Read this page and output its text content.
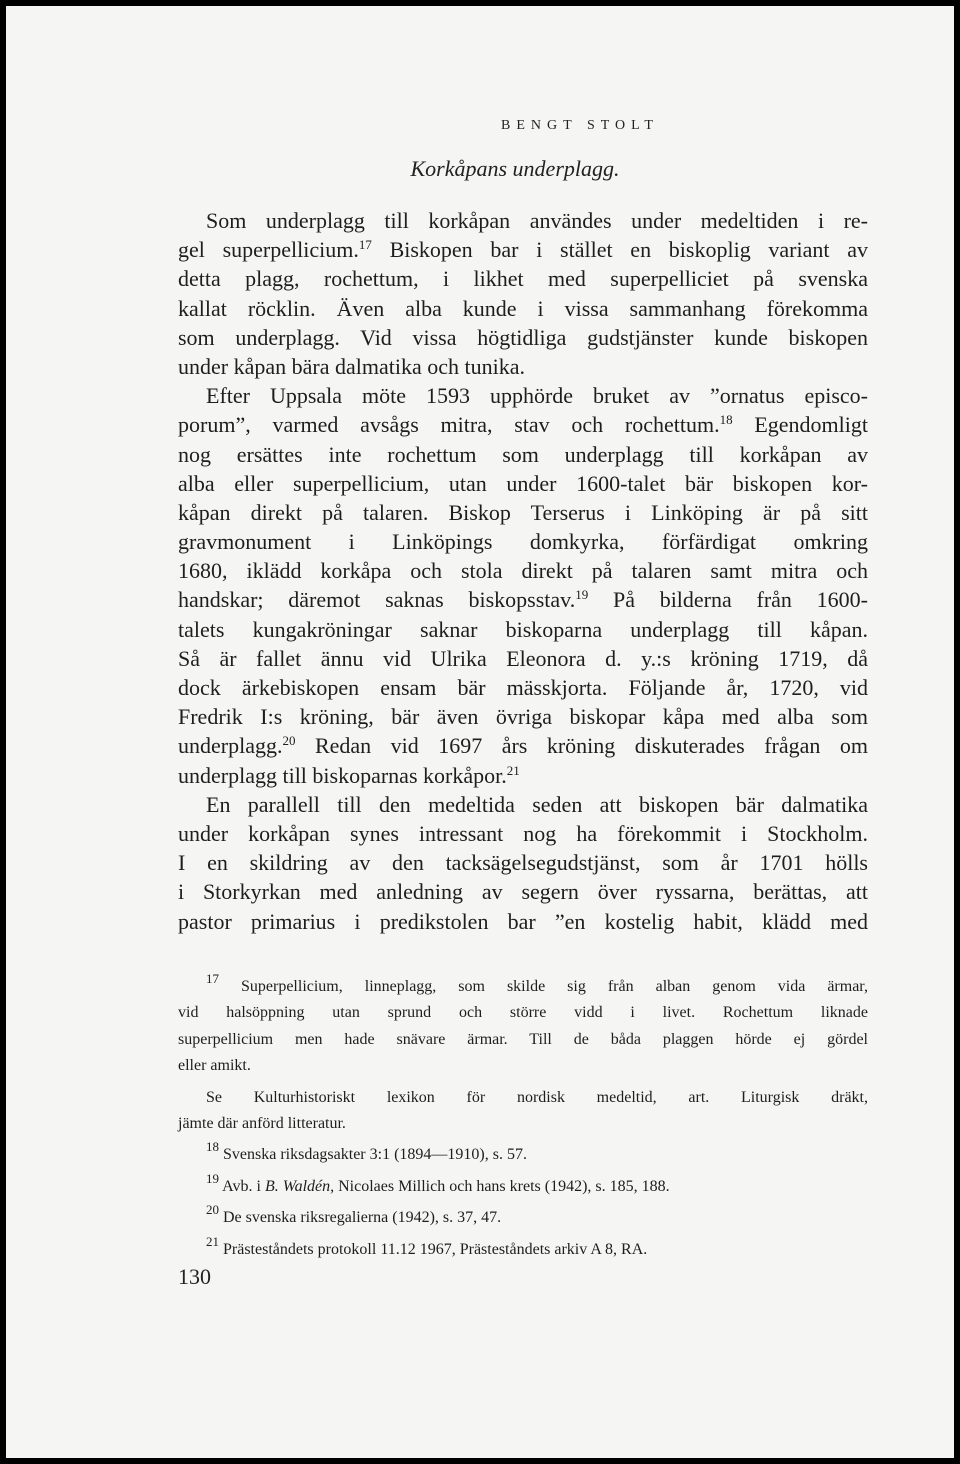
BENGT STOLT
Korkåpans underplagg.
Som underplagg till korkåpan användes under medeltiden i re-
gel superpellicium.$^{17}$ Biskopen bar i stället en biskoplig variant av
detta plagg, rochettum, i likhet med superpelliciet på svenska
kallat röcklin. Även alba kunde i vissa sammanhang förekomma
som underplagg. Vid vissa högtidliga gudstjänster kunde biskopen
under kåpan bära dalmatika och tunika.
Efter Uppsala möte 1593 upphörde bruket av ”ornatus episco-
porum”, varmed avsågs mitra, stav och rochettum.$^{18}$ Egendomligt
nog ersättes inte rochettum som underplagg till korkåpan av
alba eller superpellicium, utan under 1600-talet bär biskopen kor-
kåpan direkt på talaren. Biskop Terserus i Linköping är på sitt
gravmonument i Linköpings domkyrka, förfärdigat omkring
1680, iklädd korkåpa och stola direkt på talaren samt mitra och
handskar; däremot saknas biskopsstav.$^{19}$ På bilderna från 1600-
talets kungakröningar saknar biskoparna underplagg till kåpan.
Så är fallet ännu vid Ulrika Eleonora d. y.:s kröning 1719, då
dock ärkebiskopen ensam bär mässkjorta. Följande år, 1720, vid
Fredrik I:s kröning, bär även övriga biskopar kåpa med alba som
underplagg.$^{20}$ Redan vid 1697 års kröning diskuterades frågan om
underplagg till biskoparnas korkåpor.$^{21}$
En parallell till den medeltida seden att biskopen bär dalmatika
under korkåpan synes intressant nog ha förekommit i Stockholm.
I en skildring av den tacksägelsegudstjänst, som år 1701 hölls
i Storkyrkan med anledning av segern över ryssarna, berättas, att
pastor primarius i predikstolen bar ”en kostelig habit, klädd med
$^{17}$ Superpellicium, linneplagg, som skilde sig från alban genom vida ärmar,
vid halsöppning utan sprund och större vidd i livet. Rochettum liknade
superpellicium men hade snävare ärmar. Till de båda plaggen hörde ej gördel
eller amikt.
Se Kulturhistoriskt lexikon för nordisk medeltid, art. Liturgisk dräkt,
jämte där anförd litteratur.
$^{18}$ Svenska riksdagsakter 3:1 (1894—1910), s. 57.
$^{19}$ Avb. i B. Waldén, Nicolaes Millich och hans krets (1942), s. 185, 188.
$^{20}$ De svenska riksregalierna (1942), s. 37, 47.
$^{21}$ Prästeståndets protokoll 11.12 1967, Prästeståndets arkiv A 8, RA.
130
